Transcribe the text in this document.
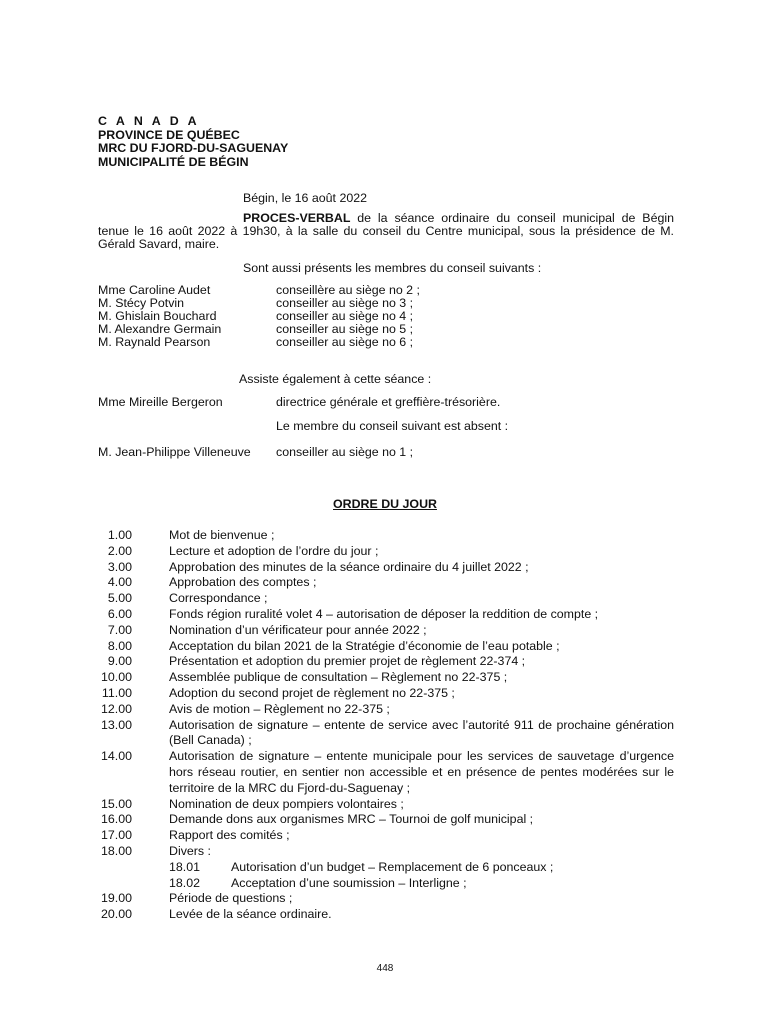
C A N A D A
PROVINCE DE QUÉBEC
MRC DU FJORD-DU-SAGUENAY
MUNICIPALITÉ DE BÉGIN
Bégin, le 16 août 2022
PROCES-VERBAL de la séance ordinaire du conseil municipal de Bégin tenue le 16 août 2022 à 19h30, à la salle du conseil du Centre municipal, sous la présidence de M. Gérald Savard, maire.
Sont aussi présents les membres du conseil suivants :
Mme Caroline Audet	conseillère au siège no 2 ;
M. Stécy Potvin	conseiller au siège no 3 ;
M. Ghislain Bouchard	conseiller au siège no 4 ;
M. Alexandre Germain	conseiller au siège no 5 ;
M. Raynald Pearson	conseiller au siège no 6 ;
Assiste également à cette séance :
Mme Mireille Bergeron	directrice générale et greffière-trésorière.
Le membre du conseil suivant est absent :
M. Jean-Philippe Villeneuve conseiller au siège no 1 ;
ORDRE DU JOUR
1.00	Mot de bienvenue ;
2.00	Lecture et adoption de l’ordre du jour ;
3.00	Approbation des minutes de la séance ordinaire du 4 juillet 2022 ;
4.00	Approbation des comptes ;
5.00	Correspondance ;
6.00	Fonds région ruralité volet 4 – autorisation de déposer la reddition de compte ;
7.00	Nomination d’un vérificateur pour année 2022 ;
8.00	Acceptation du bilan 2021 de la Stratégie d’économie de l’eau potable ;
9.00	Présentation et adoption du premier projet de règlement 22-374 ;
10.00	Assemblée publique de consultation – Règlement no 22-375 ;
11.00	Adoption du second projet de règlement no 22-375 ;
12.00	Avis de motion – Règlement no 22-375 ;
13.00	Autorisation de signature – entente de service avec l’autorité 911 de prochaine génération (Bell Canada) ;
14.00	Autorisation de signature – entente municipale pour les services de sauvetage d’urgence hors réseau routier, en sentier non accessible et en présence de pentes modérées sur le territoire de la MRC du Fjord-du-Saguenay ;
15.00	Nomination de deux pompiers volontaires ;
16.00	Demande dons aux organismes MRC – Tournoi de golf municipal ;
17.00	Rapport des comités ;
18.00	Divers :
18.01 Autorisation d’un budget – Remplacement de 6 ponceaux ;
18.02 Acceptation d’une soumission – Interligne ;
19.00	Période de questions ;
20.00	Levée de la séance ordinaire.
448
